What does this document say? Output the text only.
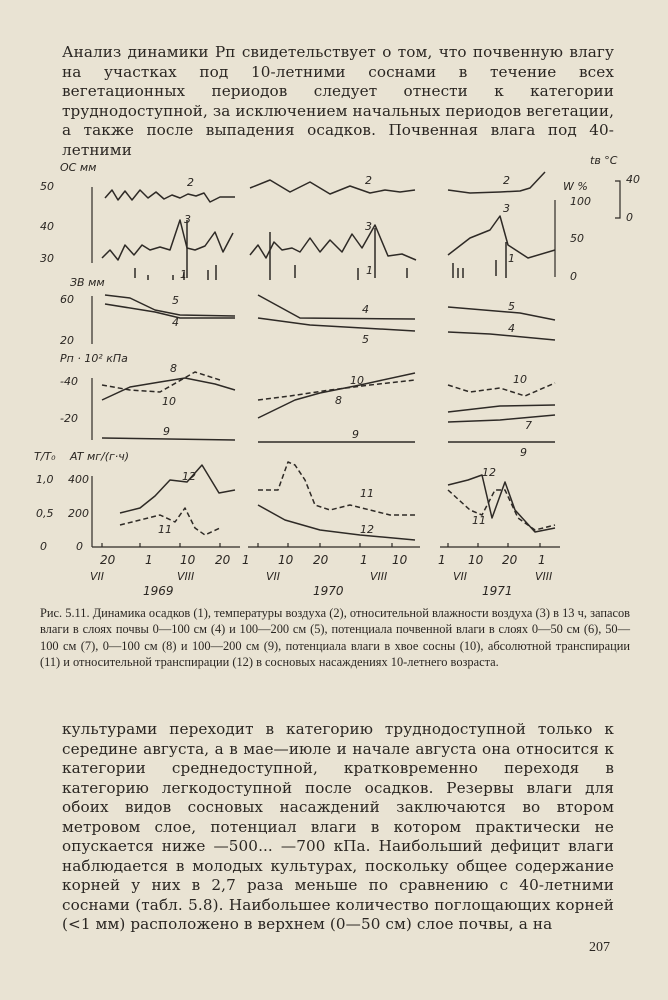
Анализ динамики Pп свидетельствует о том, что почвенную влагу на участках под 10-летними соснами в течение всех вегетационных периодов следует отнести к категории труднодоступной, за исключением начальных периодов вегетации, а также после выпадения осадков. Почвенная влага под 40-летними

ОС мм
50
40
30
ЗВ мм
60
20
Pп · 10² кПа
-40
-20
T/T₀ AT мг/(г·ч)
1,0
0,5
0
400
200
0
tв °С
40
0
W %
100
50
0
2	2	2
3
3
3
1	1
1
5
4
4
5
5
4
8
10
9
10
8
9
10
7
9
12
11
11
12
12
11
20 1 10 20
VII	VIII
1969
1 10 20	1 10
VII	VIII
1970
1 10 20 1
VII	VIII
1971

Рис. 5.11. Динамика осадков (1), температуры воздуха (2), относительной влажности воздуха (3) в 13 ч, запасов влаги в слоях почвы 0—100 см (4) и 100—200 см (5), потенциала почвенной влаги в слоях 0—50 см (6), 50—100 см (7), 0—100 см (8) и 100—200 см (9), потенциала влаги в хвое сосны (10), абсолютной транспирации (11) и относительной транспирации (12) в сосновых насаждениях 10-летнего возраста.

культурами переходит в категорию труднодоступной только к середине августа, а в мае—июле и начале августа она относится к категории среднедоступной, кратковременно переходя в категорию легкодоступной после осадков. Резервы влаги для обоих видов сосновых насаждений заключаются во втором метровом слое, потенциал влаги в котором практически не опускается ниже —500... —700 кПа. Наибольший дефицит влаги наблюдается в молодых культурах, поскольку общее содержание корней у них в 2,7 раза меньше по сравнению с 40-летними соснами (табл. 5.8). Наибольшее количество поглощающих корней (<1 мм) расположено в верхнем (0—50 см) слое почвы, а на

207
